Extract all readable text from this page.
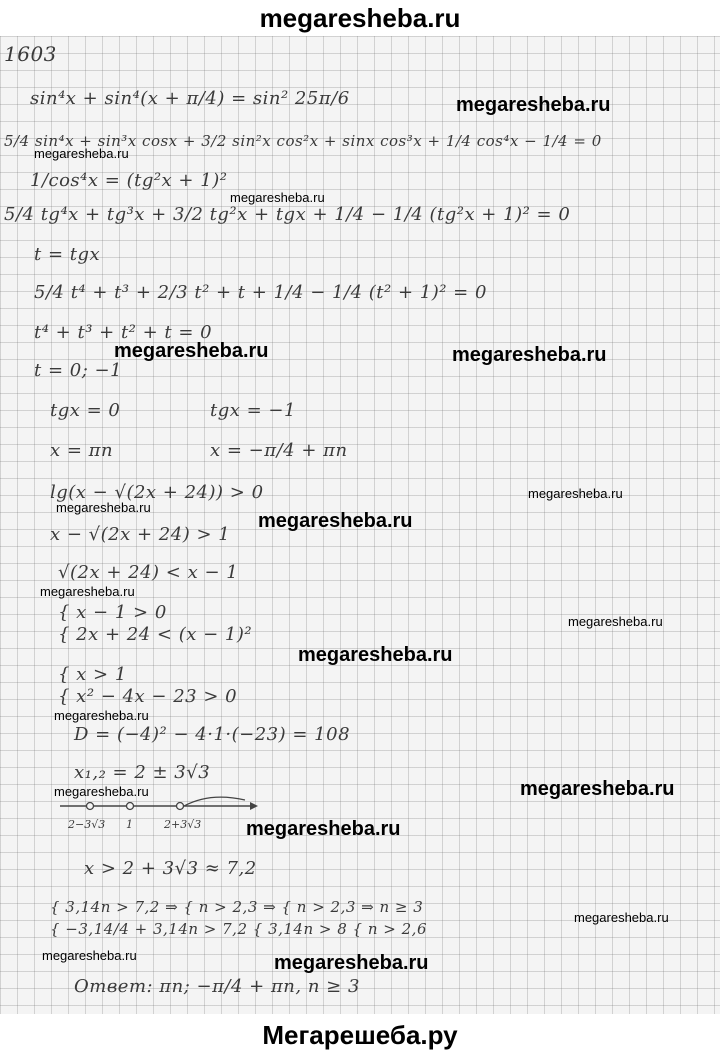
megaresheba.ru
1603
sin⁴x + sin⁴(x + π/4) = sin² 25π/6
5/4 sin⁴x + sin³x cosx + 3/2 sin²x cos²x + sinx cos³x + 1/4 cos⁴x − 1/4 = 0
1/cos⁴x = (tg²x + 1)²
5/4 tg⁴x + tg³x + 3/2 tg²x + tgx + 1/4 − 1/4 (tg²x + 1)² = 0
t = tgx
5/4 t⁴ + t³ + 2/3 t² + t + 1/4 − 1/4 (t² + 1)² = 0
t⁴ + t³ + t² + t = 0
t = 0; −1
tgx = 0	tgx = −1
x = πn	x = −π/4 + πn
lg(x − √(2x + 24)) > 0
x − √(2x + 24) > 1
√(2x + 24) < x − 1
{ x − 1 > 0
{ 2x + 24 < (x − 1)²
{ x > 1
{ x² − 4x − 23 > 0
D = (−4)² − 4·1·(−23) = 108
x₁,₂ = 2 ± 3√3
2−3√3 1	2+3√3
x > 2 + 3√3 ≈ 7,2
{ 3,14n > 7,2 ⇒ { n > 2,3 ⇒ { n > 2,3 ⇒ n ≥ 3
{ −3,14/4 + 3,14n > 7,2 { 3,14n > 8 { n > 2,6
Ответ: πn; −π/4 + πn, n ≥ 3
megaresheba.ru
megaresheba.ru
megaresheba.ru
megaresheba.ru	megaresheba.ru
megaresheba.ru
megaresheba.ru
megaresheba.ru
megaresheba.ru
megaresheba.ru
megaresheba.ru
megaresheba.ru
megaresheba.ru
megaresheba.ru
megaresheba.ru
megaresheba.ru
megaresheba.ru	megaresheba.ru
Мегарешеба.ру
